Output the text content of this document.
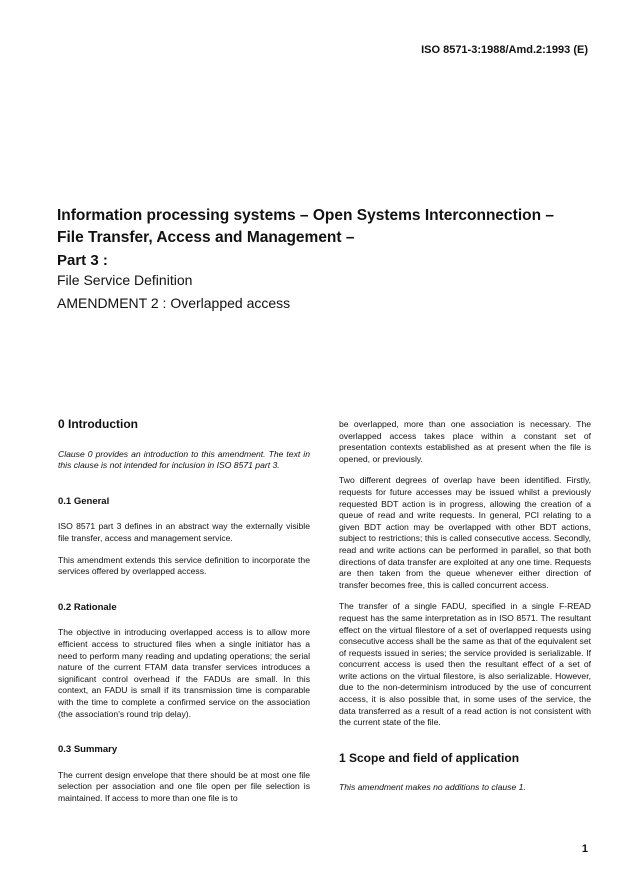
ISO 8571-3:1988/Amd.2:1993 (E)
Information processing systems – Open Systems Interconnection – File Transfer, Access and Management –
Part 3 :
File Service Definition
AMENDMENT 2 : Overlapped access
0 Introduction
Clause 0 provides an introduction to this amendment. The text in this clause is not intended for inclusion in ISO 8571 part 3.
0.1 General
ISO 8571 part 3 defines in an abstract way the externally visible file transfer, access and management service.
This amendment extends this service definition to incorporate the services offered by overlapped access.
0.2 Rationale
The objective in introducing overlapped access is to allow more efficient access to structured files when a single initiator has a need to perform many reading and updating operations; the serial nature of the current FTAM data transfer services introduces a significant control overhead if the FADUs are small. In this context, an FADU is small if its transmission time is comparable with the time to complete a confirmed service on the association (the association's round trip delay).
0.3 Summary
The current design envelope that there should be at most one file selection per association and one file open per file selection is maintained. If access to more than one file is to
be overlapped, more than one association is necessary. The overlapped access takes place within a constant set of presentation contexts established as at present when the file is opened, or previously.
Two different degrees of overlap have been identified. Firstly, requests for future accesses may be issued whilst a previously requested BDT action is in progress, allowing the creation of a queue of read and write requests. In general, PCI relating to a given BDT action may be overlapped with other BDT actions, subject to restrictions; this is called consecutive access. Secondly, read and write actions can be performed in parallel, so that both directions of data transfer are exploited at any one time. Requests are then taken from the queue whenever either direction of transfer becomes free, this is called concurrent access.
The transfer of a single FADU, specified in a single F-READ request has the same interpretation as in ISO 8571. The resultant effect on the virtual filestore of a set of overlapped requests using consecutive access shall be the same as that of the equivalent set of requests issued in series; the service provided is serializable. If concurrent access is used then the resultant effect of a set of write actions on the virtual filestore, is also serializable. However, due to the non-determinism introduced by the use of concurrent access, it is also possible that, in some uses of the service, the data transferred as a result of a read action is not consistent with the current state of the file.
1 Scope and field of application
This amendment makes no additions to clause 1.
1
